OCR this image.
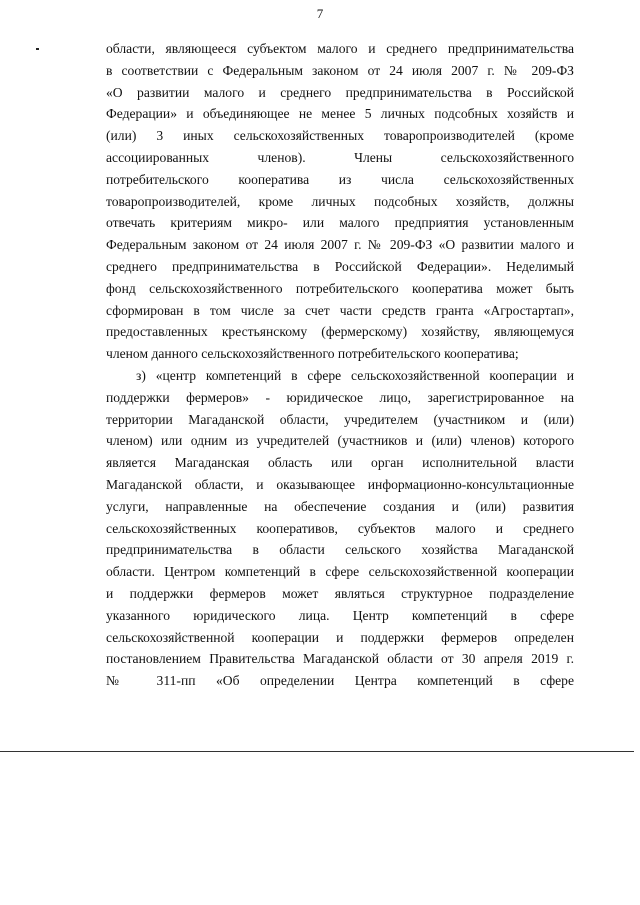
7
области, являющееся субъектом малого и среднего предпринимательства
в соответствии с Федеральным законом от 24 июля 2007 г. № 209-ФЗ
«О развитии малого и среднего предпринимательства в Российской
Федерации» и объединяющее не менее 5 личных подсобных хозяйств и
(или) 3 иных сельскохозяйственных товаропроизводителей (кроме
ассоциированных членов). Члены сельскохозяйственного
потребительского кооператива из числа сельскохозяйственных
товаропроизводителей, кроме личных подсобных хозяйств, должны
отвечать критериям микро- или малого предприятия установленным
Федеральным законом от 24 июля 2007 г. № 209-ФЗ «О развитии малого и
среднего предпринимательства в Российской Федерации». Неделимый
фонд сельскохозяйственного потребительского кооператива может быть
сформирован в том числе за счет части средств гранта «Агростартап»,
предоставленных крестьянскому (фермерскому) хозяйству, являющемуся
членом данного сельскохозяйственного потребительского кооператива;
з) «центр компетенций в сфере сельскохозяйственной кооперации и
поддержки фермеров» - юридическое лицо, зарегистрированное на
территории Магаданской области, учредителем (участником и (или)
членом) или одним из учредителей (участников и (или) членов) которого
является Магаданская область или орган исполнительной власти
Магаданской области, и оказывающее информационно-консультационные
услуги, направленные на обеспечение создания и (или) развития
сельскохозяйственных кооперативов, субъектов малого и среднего
предпринимательства в области сельского хозяйства Магаданской
области. Центром компетенций в сфере сельскохозяйственной кооперации
и поддержки фермеров может являться структурное подразделение
указанного юридического лица. Центр компетенций в сфере
сельскохозяйственной кооперации и поддержки фермеров определен
постановлением Правительства Магаданской области от 30 апреля 2019 г.
№ 311-пп «Об определении Центра компетенций в сфере
